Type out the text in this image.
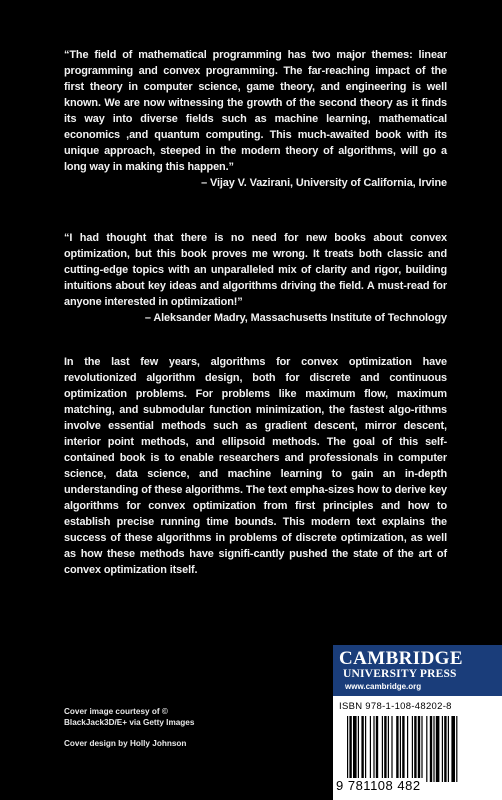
“The field of mathematical programming has two major themes: linear programming and convex programming. The far-reaching impact of the first theory in computer science, game theory, and engineering is well known. We are now witnessing the growth of the second theory as it finds its way into diverse fields such as machine learning, mathematical economics ,and quantum computing. This much-awaited book with its unique approach, steeped in the modern theory of algorithms, will go a long way in making this happen.”
– Vijay V. Vazirani, University of California, Irvine
“I had thought that there is no need for new books about convex optimization, but this book proves me wrong. It treats both classic and cutting-edge topics with an unparalleled mix of clarity and rigor, building intuitions about key ideas and algorithms driving the field. A must-read for anyone interested in optimization!”
– Aleksander Madry, Massachusetts Institute of Technology
In the last few years, algorithms for convex optimization have revolutionized algorithm design, both for discrete and continuous optimization problems. For problems like maximum flow, maximum matching, and submodular function minimization, the fastest algo-rithms involve essential methods such as gradient descent, mirror descent, interior point methods, and ellipsoid methods. The goal of this self-contained book is to enable researchers and professionals in computer science, data science, and machine learning to gain an in-depth understanding of these algorithms. The text empha-sizes how to derive key algorithms for convex optimization from first principles and how to establish precise running time bounds. This modern text explains the success of these algorithms in problems of discrete optimization, as well as how these methods have signifi-cantly pushed the state of the art of convex optimization itself.

Cover image courtesy of ©

BlackJack3D/E+ via Getty Images

Cover design by Holly Johnson

CAMBRIDGE
UNIVERSITY PRESS
www.cambridge.org
ISBN 978-1-108-48202-8
9 781108 482
